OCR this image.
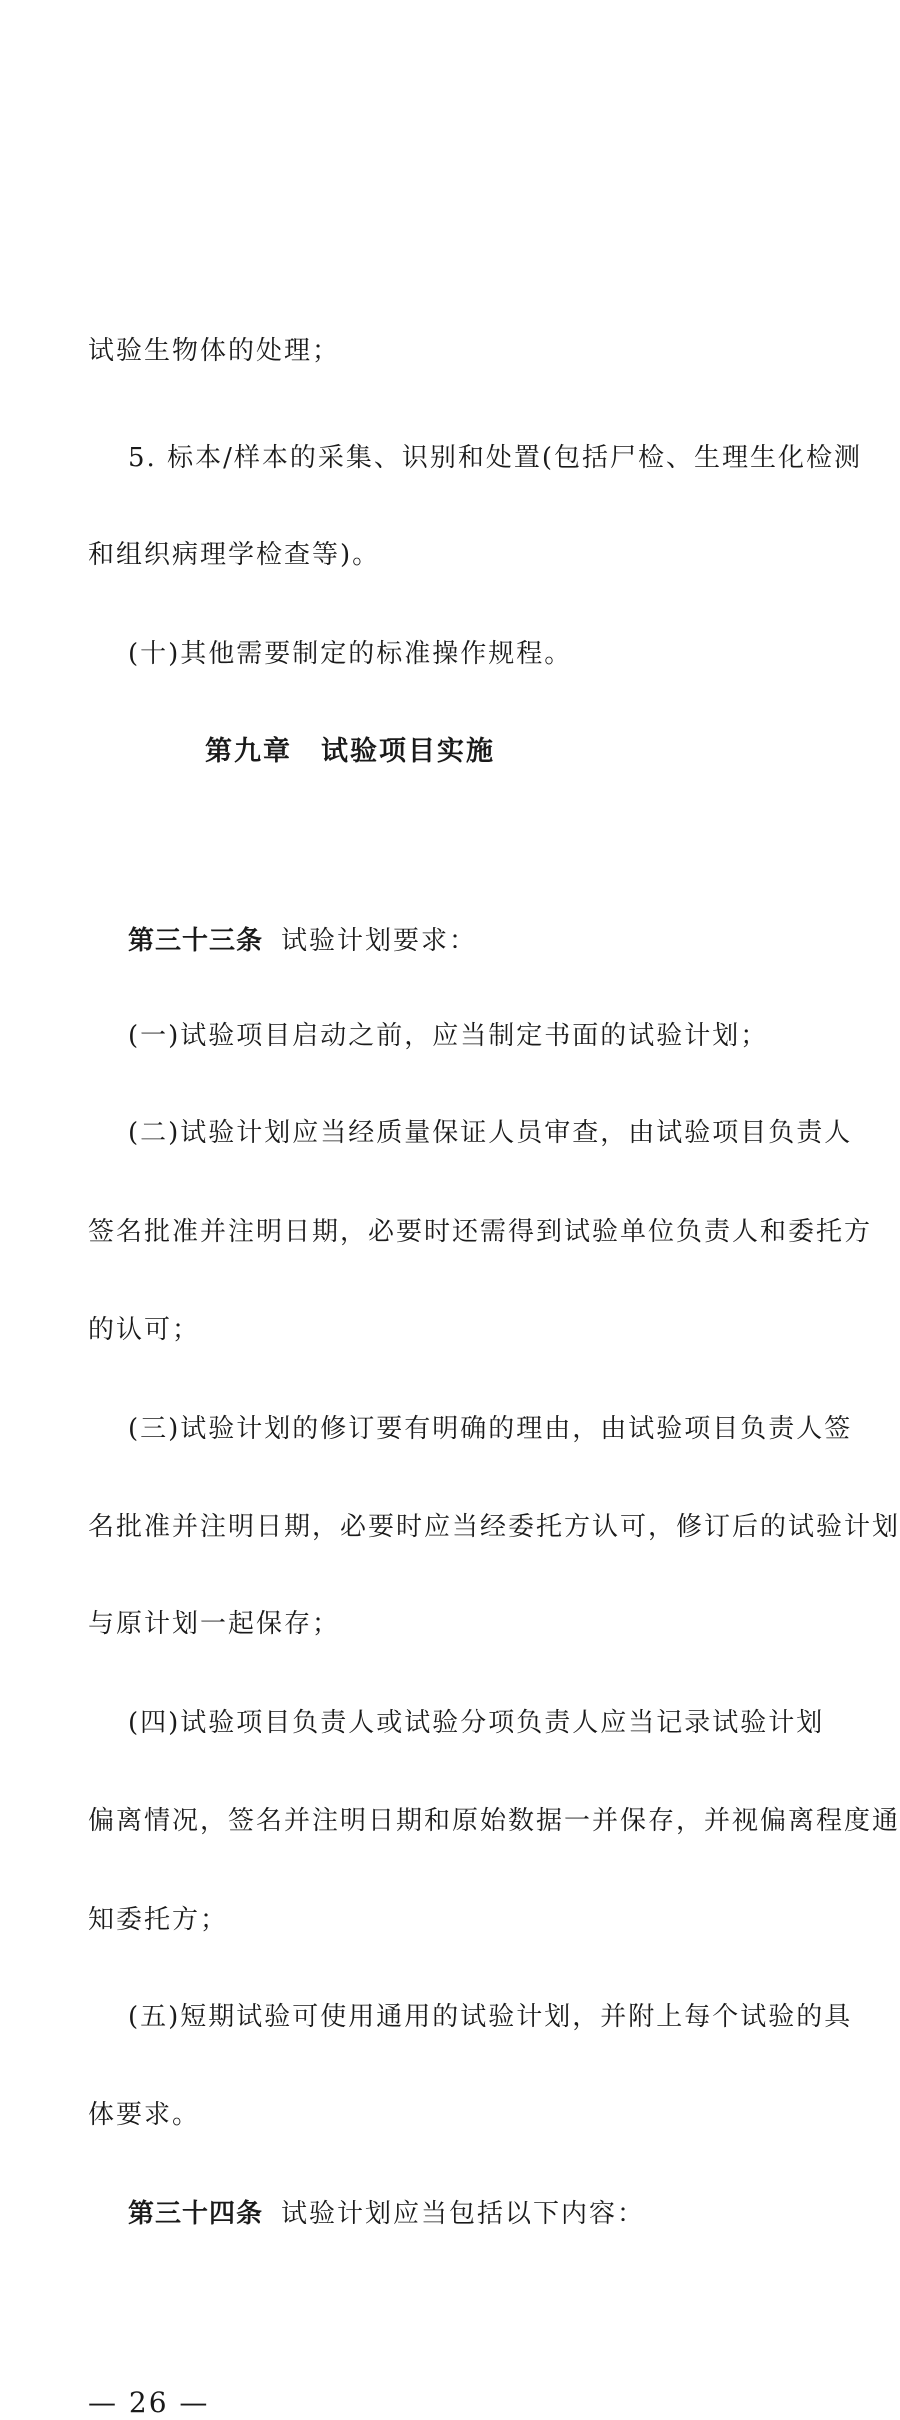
试验生物体的处理；
5. 标本/样本的采集、识别和处置(包括尸检、生理生化检测
和组织病理学检查等)。
(十)其他需要制定的标准操作规程。
第九章　试验项目实施
第三十三条 试验计划要求：
(一)试验项目启动之前，应当制定书面的试验计划；
(二)试验计划应当经质量保证人员审查，由试验项目负责人
签名批准并注明日期，必要时还需得到试验单位负责人和委托方
的认可；
(三)试验计划的修订要有明确的理由，由试验项目负责人签
名批准并注明日期，必要时应当经委托方认可，修订后的试验计划
与原计划一起保存；
(四)试验项目负责人或试验分项负责人应当记录试验计划
偏离情况，签名并注明日期和原始数据一并保存，并视偏离程度通
知委托方；
(五)短期试验可使用通用的试验计划，并附上每个试验的具
体要求。
第三十四条 试验计划应当包括以下内容：
— 26 —
